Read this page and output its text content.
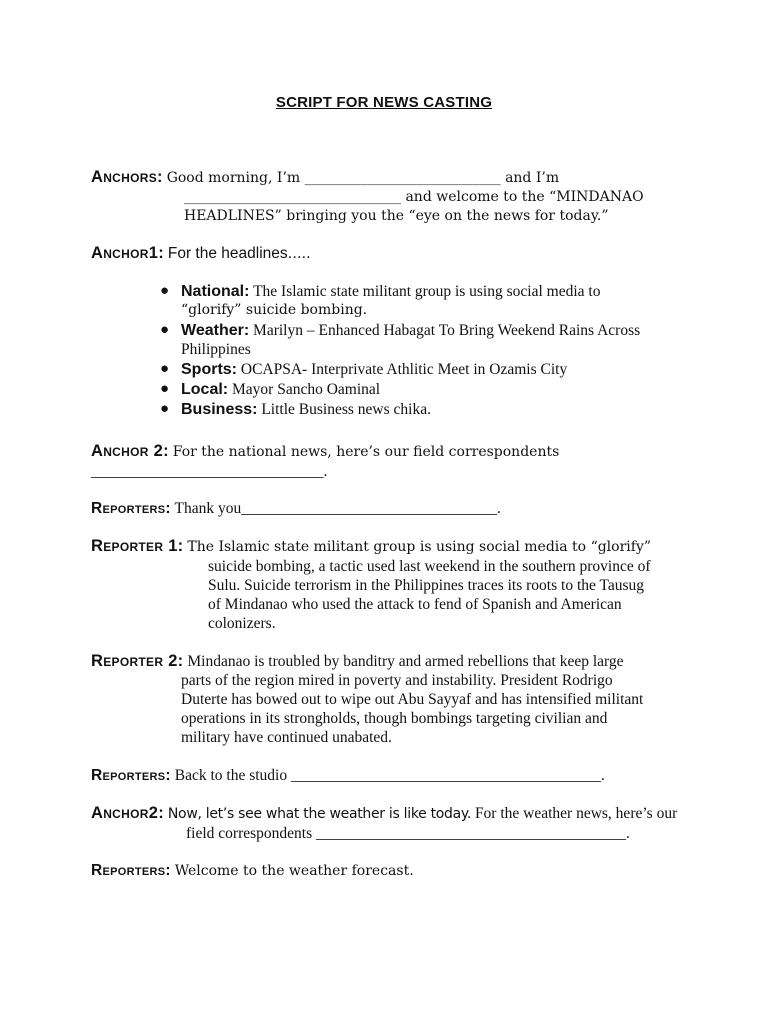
SCRIPT FOR NEWS CASTING
Anchors: Good morning, I’m ____________________________ and I’m
_______________________________ and welcome to the “MINDANAO
HEADLINES” bringing you the “eye on the news for today.”
Anchor1: For the headlines…..
● National: The Islamic state militant group is using social media to
“glorify” suicide bombing.
● Weather: Marilyn – Enhanced Habagat To Bring Weekend Rains Across
Philippines
● Sports: OCAPSA- Interprivate Athlitic Meet in Ozamis City
● Local: Mayor Sancho Oaminal
● Business: Little Business news chika.
Anchor 2: For the national news, here’s our field correspondents
______________________________.
Reporters: Thank you_________________________________.
Reporter 1: The Islamic state militant group is using social media to “glorify”
suicide bombing, a tactic used last weekend in the southern province of
Sulu. Suicide terrorism in the Philippines traces its roots to the Tausug
of Mindanao who used the attack to fend of Spanish and American
colonizers.
Reporter 2: Mindanao is troubled by banditry and armed rebellions that keep large
parts of the region mired in poverty and instability. President Rodrigo
Duterte has bowed out to wipe out Abu Sayyaf and has intensified militant
operations in its strongholds, though bombings targeting civilian and
military have continued unabated.
Reporters: Back to the studio ________________________________________.
Anchor2: Now, let’s see what the weather is like today. For the weather news, here’s our
field correspondents ________________________________________.
Reporters: Welcome to the weather forecast.
